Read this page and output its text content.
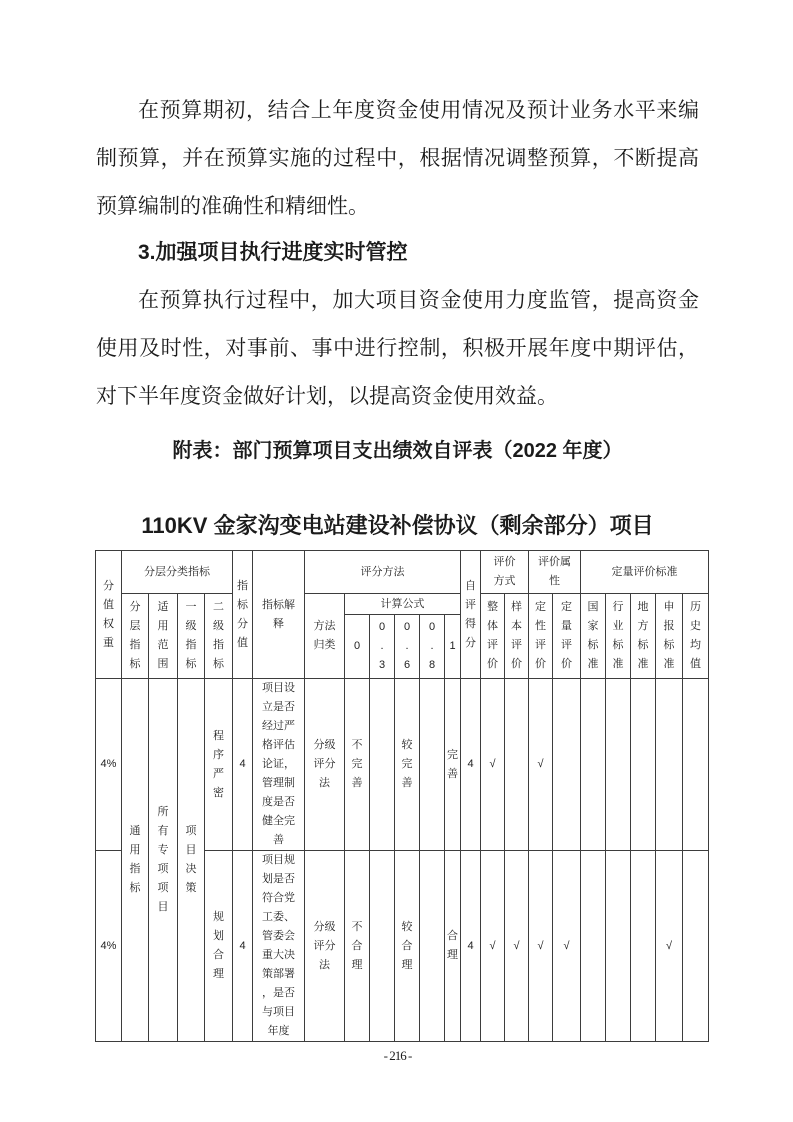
在预算期初，结合上年度资金使用情况及预计业务水平来编制预算，并在预算实施的过程中，根据情况调整预算，不断提高预算编制的准确性和精细性。

3.加强项目执行进度实时管控

在预算执行过程中，加大项目资金使用力度监管，提高资金使用及时性，对事前、事中进行控制，积极开展年度中期评估，对下半年度资金做好计划，以提高资金使用效益。

附表：部门预算项目支出绩效自评表（2022 年度）

110KV 金家沟变电站建设补偿协议（剩余部分）项目

分值权重	分层分类指标				指标分值	指标解释	评分方法						自评得分	评价方式		评价属性		定量评价标准				

	分层指标	适用范围	一级指标	二级指标			方法归类	计算公式						整体评价	样本评价	定性评价	定量评价	国家标准	行业标准	地方标准	申报标准	历史均值

								0	0.3	0.6	0.8	1										
4%	通用指标	所有专项项目	项目决策	程序严密	4	项目设立是否经过严格评估论证，管理制度是否健全完善	分级评分法	不完善		较完善		完善	4	√		√						
4%				规划合理	4	项目规划是否符合党工委、管委会重大决策部署，是否与项目年度	分级评分法	不合理		较合理		合理	4	√	√	√	√				√	
- 216 -
